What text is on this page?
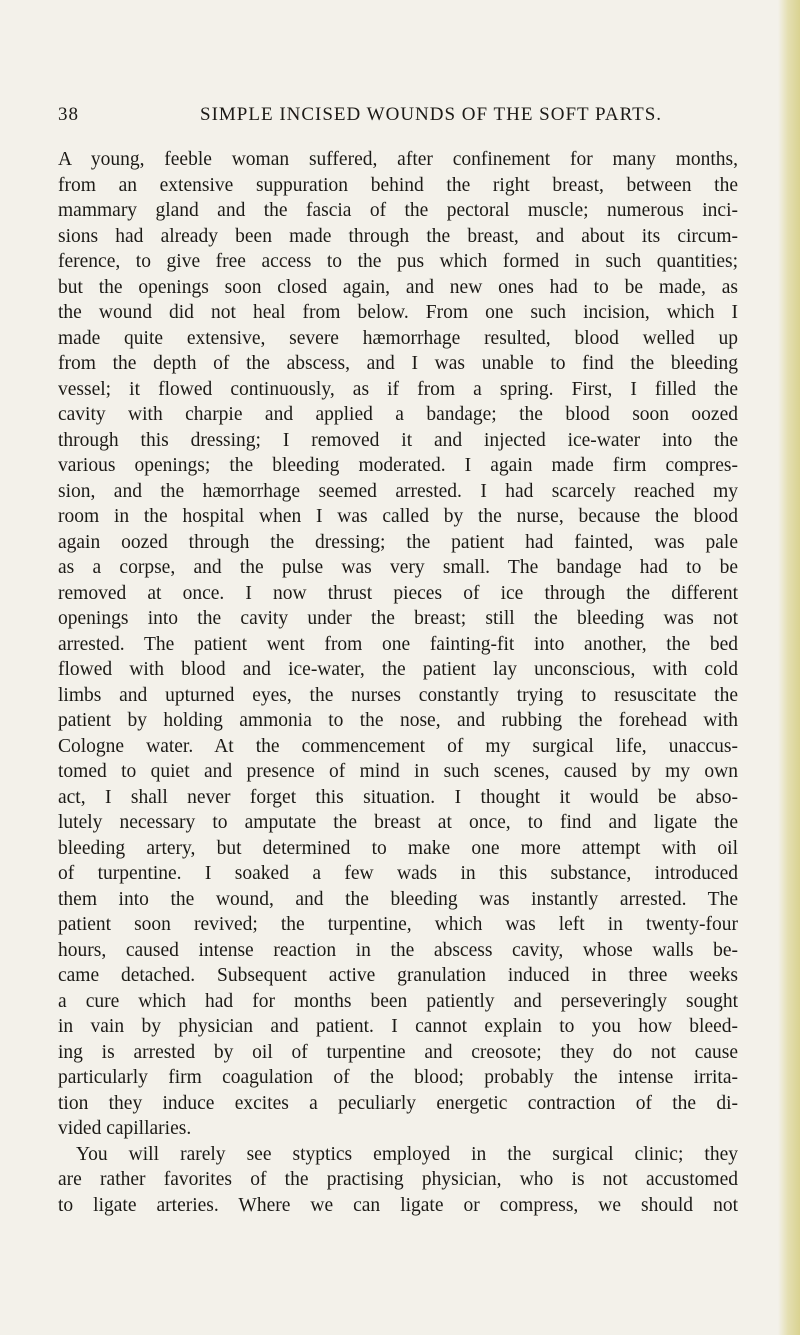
38	SIMPLE INCISED WOUNDS OF THE SOFT PARTS.
A young, feeble woman suffered, after confinement for many months,
from an extensive suppuration behind the right breast, between the
mammary gland and the fascia of the pectoral muscle; numerous inci-
sions had already been made through the breast, and about its circum-
ference, to give free access to the pus which formed in such quantities;
but the openings soon closed again, and new ones had to be made, as
the wound did not heal from below. From one such incision, which I
made quite extensive, severe hæmorrhage resulted, blood welled up
from the depth of the abscess, and I was unable to find the bleeding
vessel; it flowed continuously, as if from a spring. First, I filled the
cavity with charpie and applied a bandage; the blood soon oozed
through this dressing; I removed it and injected ice-water into the
various openings; the bleeding moderated. I again made firm compres-
sion, and the hæmorrhage seemed arrested. I had scarcely reached my
room in the hospital when I was called by the nurse, because the blood
again oozed through the dressing; the patient had fainted, was pale
as a corpse, and the pulse was very small. The bandage had to be
removed at once. I now thrust pieces of ice through the different
openings into the cavity under the breast; still the bleeding was not
arrested. The patient went from one fainting-fit into another, the bed
flowed with blood and ice-water, the patient lay unconscious, with cold
limbs and upturned eyes, the nurses constantly trying to resuscitate the
patient by holding ammonia to the nose, and rubbing the forehead with
Cologne water. At the commencement of my surgical life, unaccus-
tomed to quiet and presence of mind in such scenes, caused by my own
act, I shall never forget this situation. I thought it would be abso-
lutely necessary to amputate the breast at once, to find and ligate the
bleeding artery, but determined to make one more attempt with oil
of turpentine. I soaked a few wads in this substance, introduced
them into the wound, and the bleeding was instantly arrested. The
patient soon revived; the turpentine, which was left in twenty-four
hours, caused intense reaction in the abscess cavity, whose walls be-
came detached. Subsequent active granulation induced in three weeks
a cure which had for months been patiently and perseveringly sought
in vain by physician and patient. I cannot explain to you how bleed-
ing is arrested by oil of turpentine and creosote; they do not cause
particularly firm coagulation of the blood; probably the intense irrita-
tion they induce excites a peculiarly energetic contraction of the di-
vided capillaries.
You will rarely see styptics employed in the surgical clinic; they
are rather favorites of the practising physician, who is not accustomed
to ligate arteries. Where we can ligate or compress, we should not
